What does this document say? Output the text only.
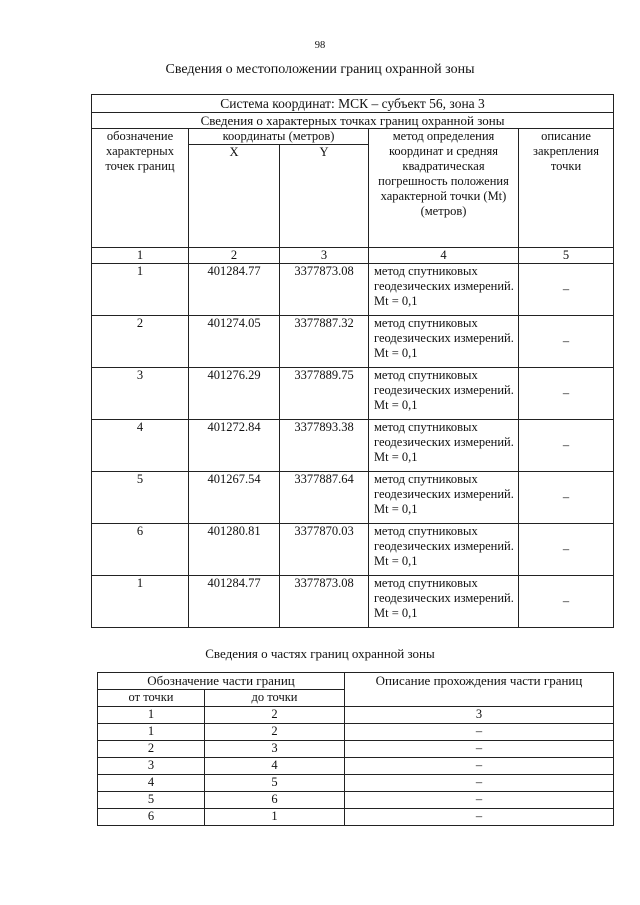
98
Сведения о местоположении границ охранной зоны
Система координат: МСК – субъект 56, зона 3				
Сведения о характерных точках границ охранной зоны				
обозначение характерных точек границ	координаты (метров)		метод определения координат и средняя квадратическая погрешность положения характерной точки (Mt) (метров)	описание закрепления точки
	X	Y		
1	2	3	4	5
1	401284.77	3377873.08	метод спутниковых геодезических измерений. Mt = 0,1	–
2	401274.05	3377887.32	метод спутниковых геодезических измерений. Mt = 0,1	–
3	401276.29	3377889.75	метод спутниковых геодезических измерений. Mt = 0,1	–
4	401272.84	3377893.38	метод спутниковых геодезических измерений. Mt = 0,1	–
5	401267.54	3377887.64	метод спутниковых геодезических измерений. Mt = 0,1	–
6	401280.81	3377870.03	метод спутниковых геодезических измерений. Mt = 0,1	–
1	401284.77	3377873.08	метод спутниковых геодезических измерений. Mt = 0,1	–
Сведения о частях границ охранной зоны
Обозначение части границ		Описание прохождения части границ
от точки	до точки	
1	2	3
1	2	–
2	3	–
3	4	–
4	5	–
5	6	–
6	1	–
